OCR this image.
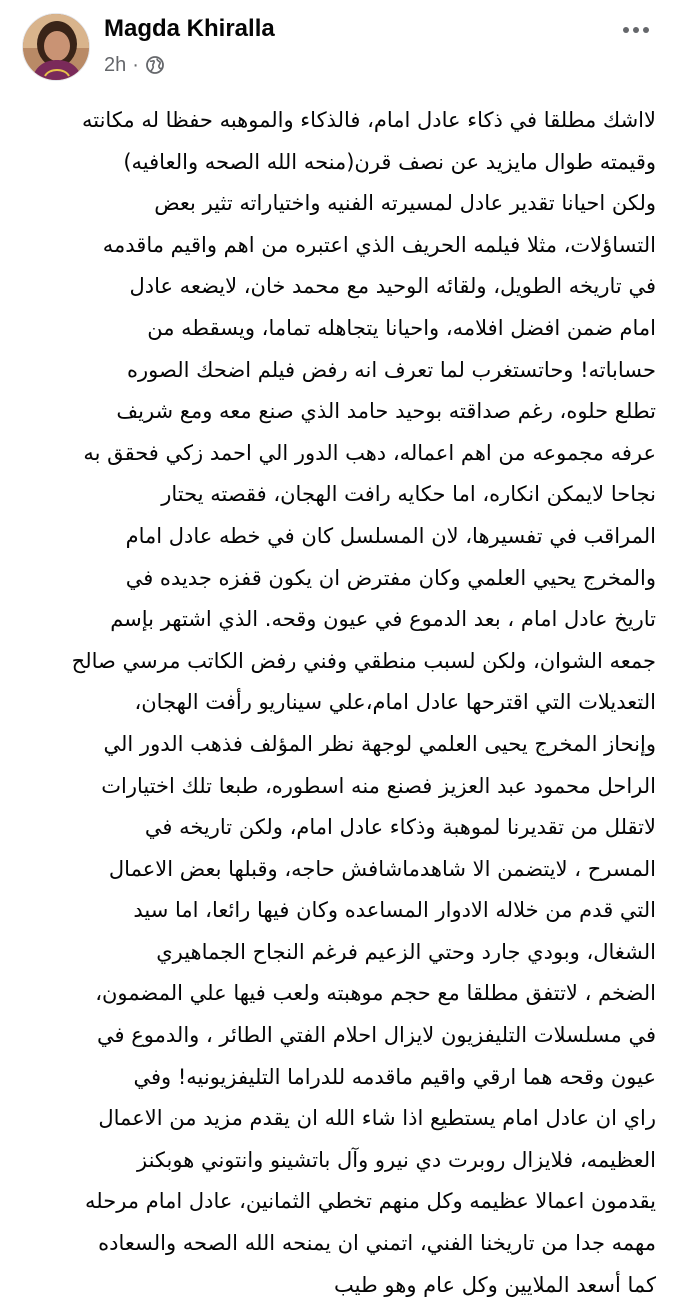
Magda Khiralla
2h ·
لااشك مطلقا في ذكاء عادل امام، فالذكاء والموهبه حفظا له مكانته
وقيمته طوال مايزيد عن نصف قرن(منحه الله الصحه والعافيه)
ولكن احيانا تقدير عادل لمسيرته الفنيه واختياراته تثير بعض
التساؤلات، مثلا فيلمه الحريف الذي اعتبره من اهم واقيم ماقدمه
في تاريخه الطويل، ولقائه الوحيد مع محمد خان، لايضعه عادل
امام ضمن افضل افلامه، واحيانا يتجاهله تماما، ويسقطه من
حساباته! وحاتستغرب لما تعرف انه رفض فيلم اضحك الصوره
تطلع حلوه، رغم صداقته بوحيد حامد الذي صنع معه ومع شريف
عرفه مجموعه من اهم اعماله، دهب الدور الي احمد زكي فحقق به
نجاحا لايمكن انكاره، اما حكايه رافت الهجان، فقصته يحتار
المراقب في تفسيرها، لان المسلسل كان في خطه عادل امام
والمخرج يحيي العلمي وكان مفترض ان يكون قفزه جديده في
تاريخ عادل امام ، بعد الدموع في عيون وقحه. الذي اشتهر بإسم
جمعه الشوان، ولكن لسبب منطقي وفني رفض الكاتب مرسي صالح
التعديلات التي اقترحها عادل امام،علي سيناريو رأفت الهجان،
وإنحاز المخرج يحيى العلمي لوجهة نظر المؤلف فذهب الدور الي
الراحل محمود عبد العزيز فصنع منه اسطوره، طبعا تلك اختيارات
لاتقلل من تقديرنا لموهبة وذكاء عادل امام، ولكن تاريخه في
المسرح ، لايتضمن الا شاهدماشافش حاجه، وقبلها بعض الاعمال
التي قدم من خلاله الادوار المساعده وكان فيها رائعا، اما سيد
الشغال، وبودي جارد وحتي الزعيم فرغم النجاح الجماهيري
الضخم ، لاتتفق مطلقا مع حجم موهبته ولعب فيها علي المضمون،
في مسلسلات التليفزيون لايزال احلام الفتي الطائر ، والدموع في
عيون وقحه هما ارقي واقيم ماقدمه للدراما التليفزيونيه! وفي
راي ان عادل امام يستطيع اذا شاء الله ان يقدم مزيد من الاعمال
العظيمه، فلايزال روبرت دي نيرو وآل باتشينو وانتوني هوبكنز
يقدمون اعمالا عظيمه وكل منهم تخطي الثمانين، عادل امام مرحله
مهمه جدا من تاريخنا الفني، اتمني ان يمنحه الله الصحه والسعاده
كما أسعد الملايين وكل عام وهو طيب
